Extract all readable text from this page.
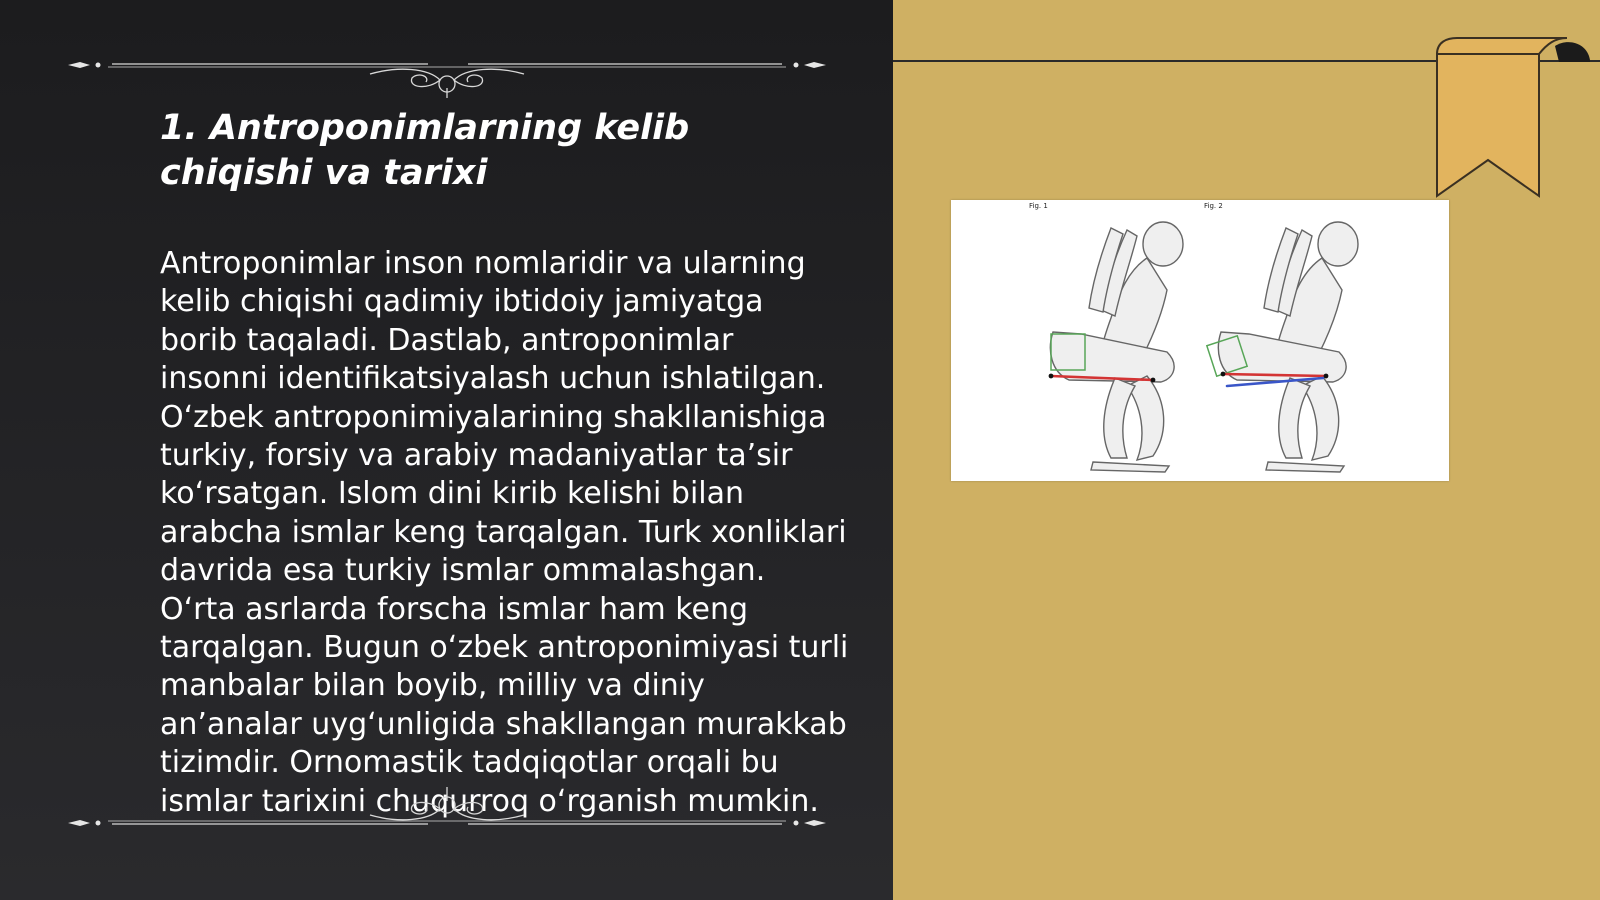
1. Antroponimlarning kelib chiqishi va tarixi

Antroponimlar inson nomlaridir va ularning kelib chiqishi qadimiy ibtidoiy jamiyatga borib taqaladi. Dastlab, antroponimlar insonni identifikatsiyalash uchun ishlatilgan. O‘zbek antroponimiyalarining shakllanishiga turkiy, forsiy va arabiy madaniyatlar ta’sir ko‘rsatgan. Islom dini kirib kelishi bilan arabcha ismlar keng tarqalgan. Turk xonliklari davrida esa turkiy ismlar ommalashgan. O‘rta asrlarda forscha ismlar ham keng tarqalgan. Bugun o‘zbek antroponimiyasi turli manbalar bilan boyib, milliy va diniy an’analar uyg‘unligida shakllangan murakkab tizimdir. Ornomastik tadqiqotlar orqali bu ismlar tarixini chuqurroq o‘rganish mumkin.

Fig. 1	Fig. 2
